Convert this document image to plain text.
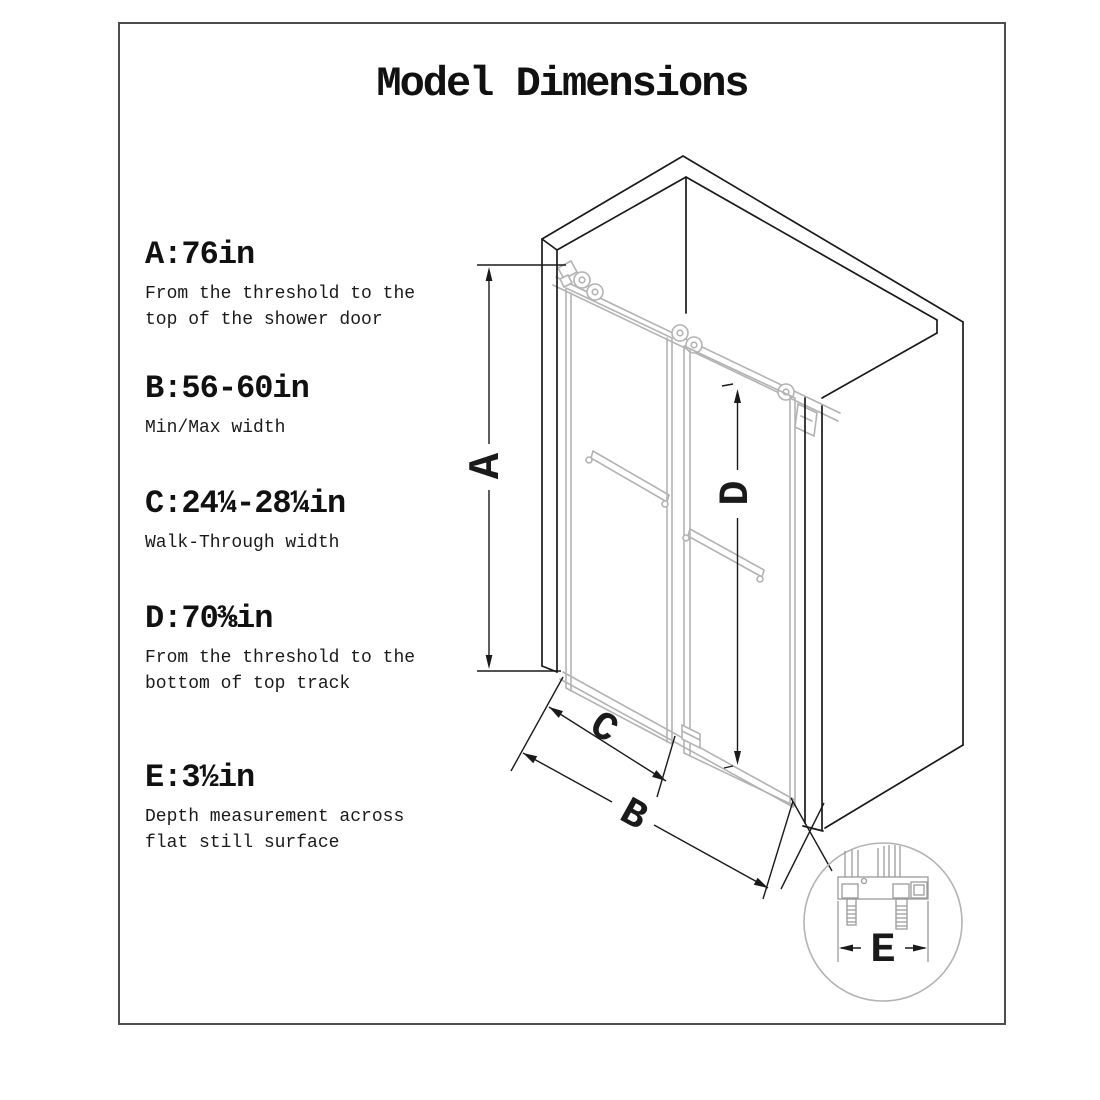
Model Dimensions
A:76in
From the threshold to the
top of the shower door
B:56-60in
Min/Max width
C:24¼-28¼in
Walk-Through width
D:70⅜in
From the threshold to the
bottom of top track
E:3½in
Depth measurement across
flat still surface
A
D
C
B
E
